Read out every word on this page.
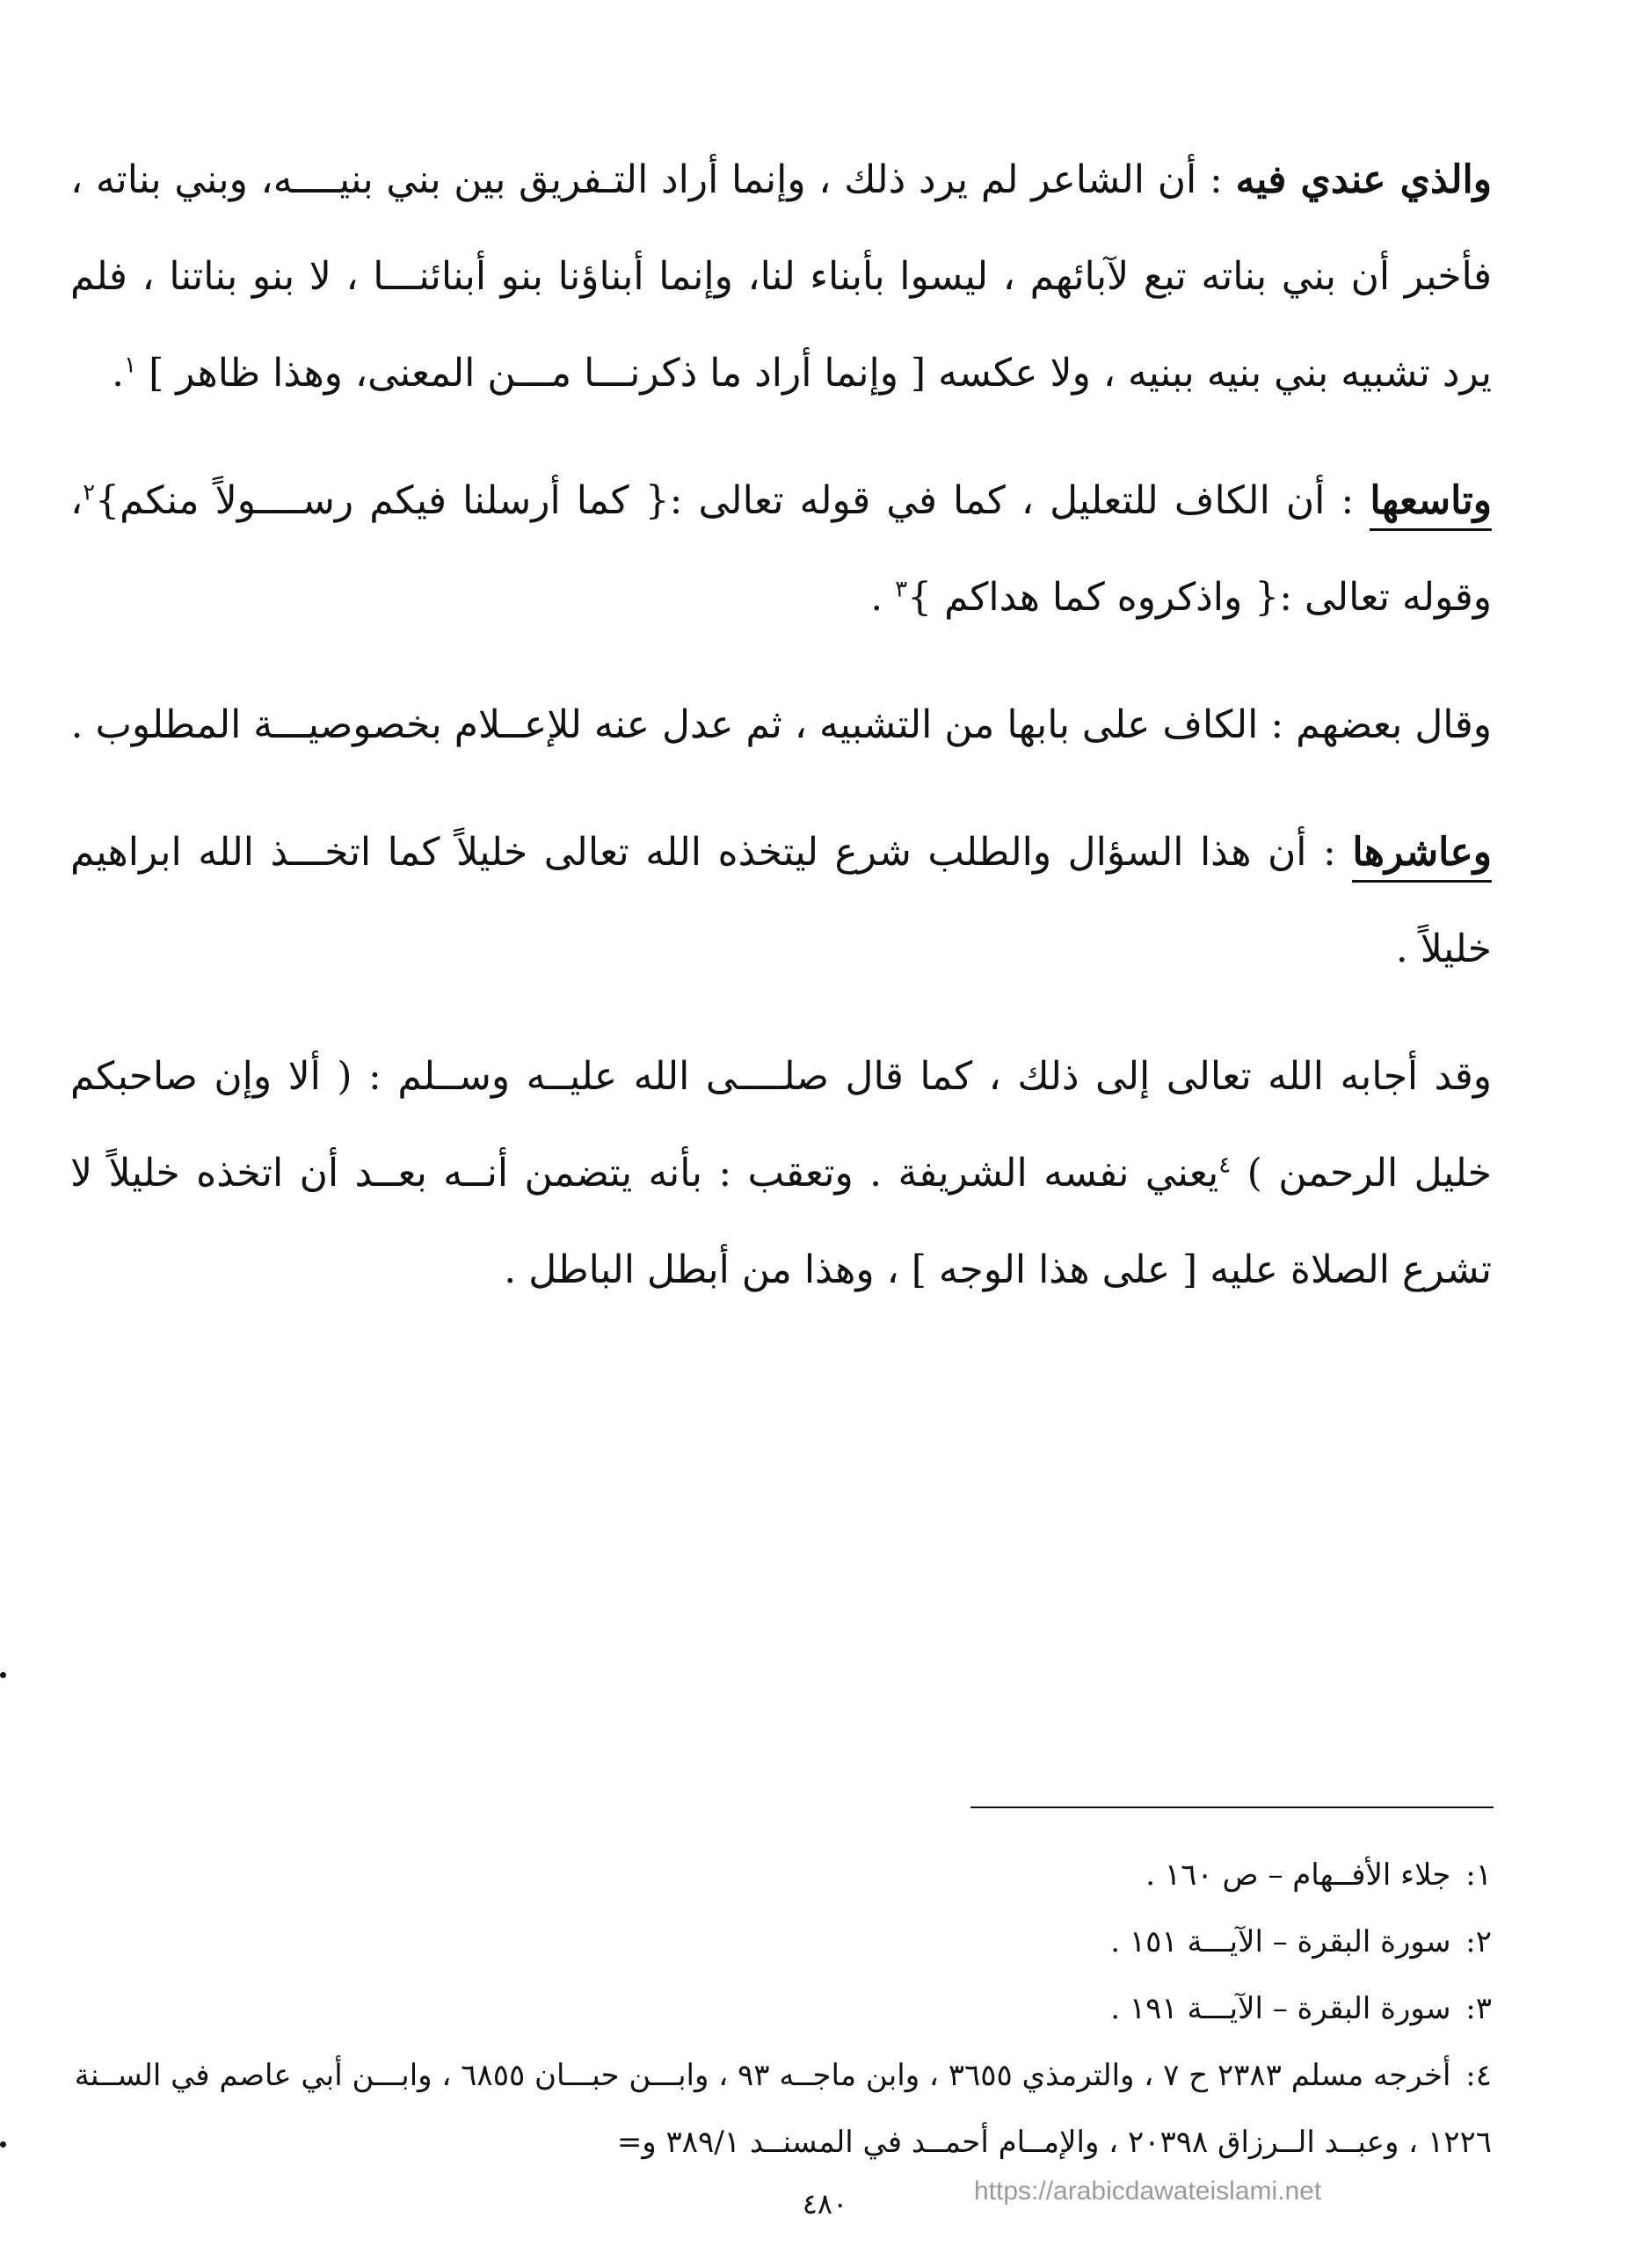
والذي عندي فيه : أن الشاعر لم يرد ذلك ، وإنما أراد التـفريق بين بني بنيــــه، وبني بناته ، فأخبر أن بني بناته تبع لآبائهم ، ليسوا بأبناء لنا، وإنما أبناؤنا بنو أبنائنـــا ، لا بنو بناتنا ، فلم يرد تشبيه بني بنيه ببنيه ، ولا عكسه [ وإنما أراد ما ذكرنـــا مـــن المعنى، وهذا ظاهر ] $^١$.

وتاسعها : أن الكاف للتعليل ، كما في قوله تعالى :{ كما أرسلنا فيكم رســــولاً منكم}$^٢$، وقوله تعالى :{ واذكروه كما هداكم }$^٣$ .

وقال بعضهم : الكاف على بابها من التشبيه ، ثم عدل عنه للإعــلام بخصوصيـــة المطلوب .

وعاشرها : أن هذا السؤال والطلب شرع ليتخذه الله تعالى خليلاً كما اتخـــذ الله ابراهيم خليلاً .

وقد أجابه الله تعالى إلى ذلك ، كما قال صلــــى الله عليــه وســلم : ( ألا وإن صاحبكم خليل الرحمن ) $^٤$يعني نفسه الشريفة . وتعقب : بأنه يتضمن أنــه بعــد أن اتخذه خليلاً لا تشرع الصلاة عليه [ على هذا الوجه ] ، وهذا من أبطل الباطل .

١: جلاء الأفــهام – ص ١٦٠ .

٢: سورة البقرة – الآيـــة ١٥١ .

٣: سورة البقرة – الآيـــة ١٩١ .

٤: أخرجه مسلم ٢٣٨٣ ح ٧ ، والترمذي ٣٦٥٥ ، وابن ماجــه ٩٣ ، وابـــن حبـــان ٦٨٥٥ ، وابـــن أبي عاصم في الســنة ١٢٢٦ ، وعبــد الــرزاق ٢٠٣٩٨ ، والإمــام أحمــد في المسنــد ٣٨٩/١ و=

٤٨٠	https://arabicdawateislami.net
